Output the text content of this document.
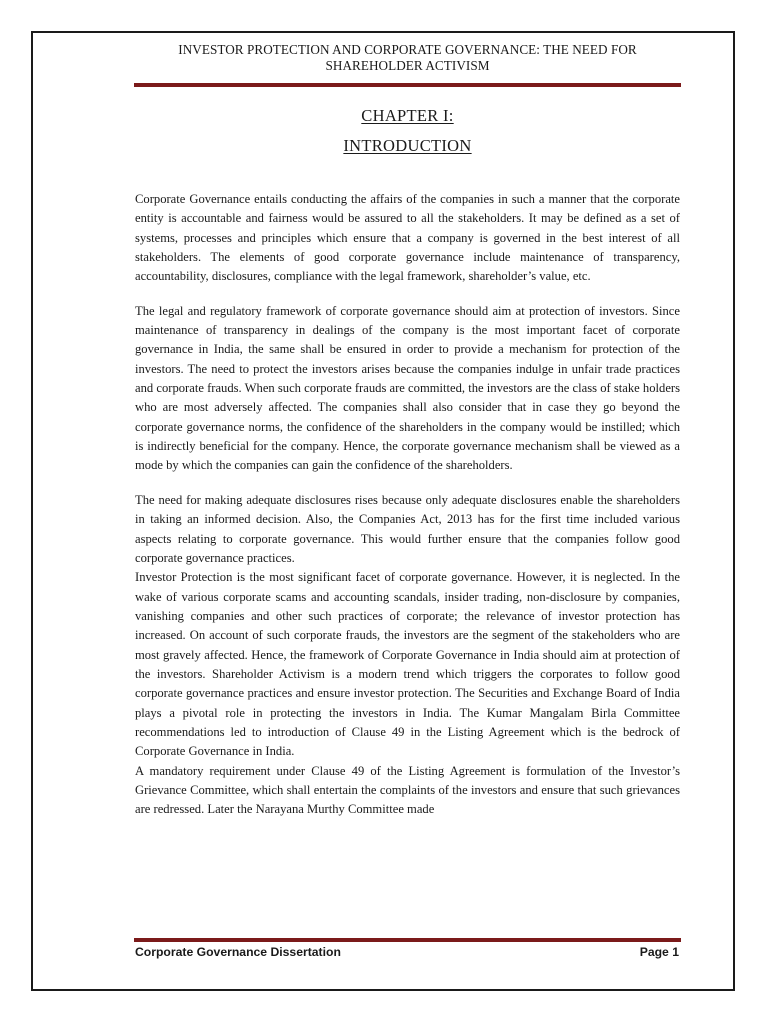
INVESTOR PROTECTION AND CORPORATE GOVERNANCE: THE NEED FOR SHAREHOLDER ACTIVISM
CHAPTER I:
INTRODUCTION

Corporate Governance entails conducting the affairs of the companies in such a manner that the corporate entity is accountable and fairness would be assured to all the stakeholders. It may be defined as a set of systems, processes and principles which ensure that a company is governed in the best interest of all stakeholders. The elements of good corporate governance include maintenance of transparency, accountability, disclosures, compliance with the legal framework, shareholder’s value, etc.

The legal and regulatory framework of corporate governance should aim at protection of investors. Since maintenance of transparency in dealings of the company is the most important facet of corporate governance in India, the same shall be ensured in order to provide a mechanism for protection of the investors. The need to protect the investors arises because the companies indulge in unfair trade practices and corporate frauds. When such corporate frauds are committed, the investors are the class of stake holders who are most adversely affected. The companies shall also consider that in case they go beyond the corporate governance norms, the confidence of the shareholders in the company would be instilled; which is indirectly beneficial for the company. Hence, the corporate governance mechanism shall be viewed as a mode by which the companies can gain the confidence of the shareholders.

The need for making adequate disclosures rises because only adequate disclosures enable the shareholders in taking an informed decision. Also, the Companies Act, 2013 has for the first time included various aspects relating to corporate governance. This would further ensure that the companies follow good corporate governance practices.

Investor Protection is the most significant facet of corporate governance. However, it is neglected. In the wake of various corporate scams and accounting scandals, insider trading, non-disclosure by companies, vanishing companies and other such practices of corporate; the relevance of investor protection has increased. On account of such corporate frauds, the investors are the segment of the stakeholders who are most gravely affected. Hence, the framework of Corporate Governance in India should aim at protection of the investors. Shareholder Activism is a modern trend which triggers the corporates to follow good corporate governance practices and ensure investor protection. The Securities and Exchange Board of India plays a pivotal role in protecting the investors in India. The Kumar Mangalam Birla Committee recommendations led to introduction of Clause 49 in the Listing Agreement which is the bedrock of Corporate Governance in India.

A mandatory requirement under Clause 49 of the Listing Agreement is formulation of the Investor’s Grievance Committee, which shall entertain the complaints of the investors and ensure that such grievances are redressed. Later the Narayana Murthy Committee made

Corporate Governance Dissertation	Page 1
